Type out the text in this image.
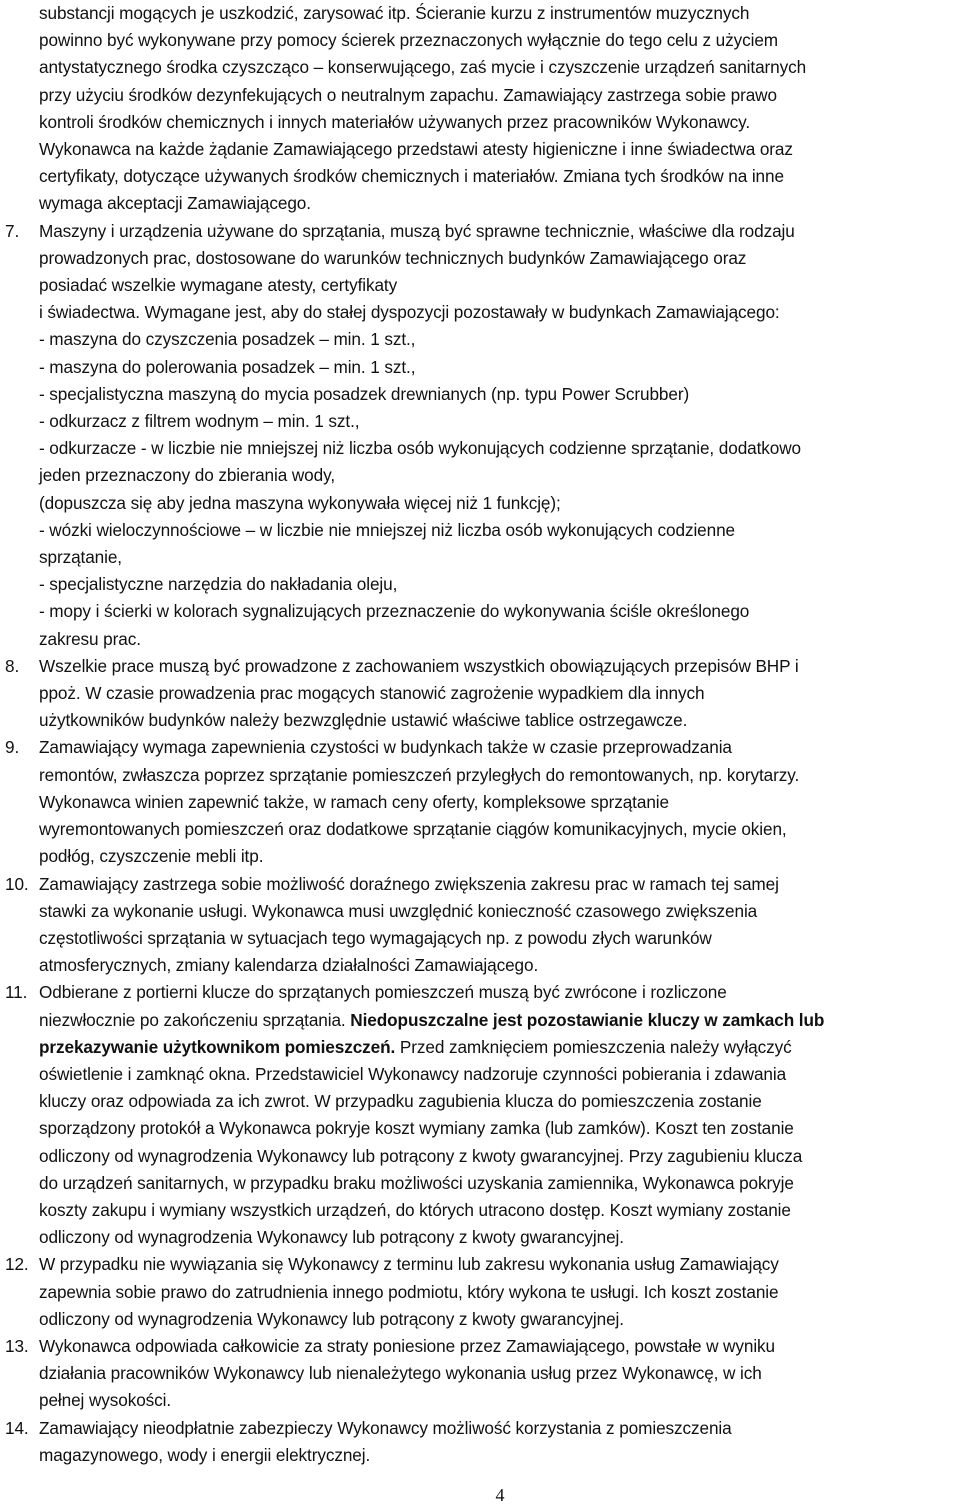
substancji mogących je uszkodzić, zarysować itp. Ścieranie kurzu z instrumentów muzycznych
powinno być wykonywane przy pomocy ścierek przeznaczonych wyłącznie do tego celu z użyciem
antystatycznego środka czyszcząco – konserwującego, zaś mycie i czyszczenie urządzeń sanitarnych
przy użyciu środków dezynfekujących o neutralnym zapachu. Zamawiający zastrzega sobie prawo
kontroli środków chemicznych i innych materiałów używanych przez pracowników Wykonawcy.
Wykonawca na każde żądanie Zamawiającego przedstawi atesty higieniczne i inne świadectwa oraz
certyfikaty, dotyczące używanych środków chemicznych i materiałów. Zmiana tych środków na inne
wymaga akceptacji Zamawiającego.

7.	Maszyny i urządzenia używane do sprzątania, muszą być sprawne technicznie, właściwe dla rodzaju
prowadzonych prac, dostosowane do warunków technicznych budynków Zamawiającego oraz
posiadać wszelkie wymagane atesty, certyfikaty
i świadectwa. Wymagane jest, aby do stałej dyspozycji pozostawały w budynkach Zamawiającego:
- maszyna do czyszczenia posadzek – min. 1 szt.,
- maszyna do polerowania posadzek – min. 1 szt.,
- specjalistyczna maszyną do mycia posadzek drewnianych (np. typu Power Scrubber)
- odkurzacz z filtrem wodnym – min. 1 szt.,
- odkurzacze - w liczbie nie mniejszej niż liczba osób wykonujących codzienne sprzątanie, dodatkowo
jeden przeznaczony do zbierania wody,
(dopuszcza się aby jedna maszyna wykonywała więcej niż 1 funkcję);
- wózki wieloczynnościowe – w liczbie nie mniejszej niż liczba osób wykonujących codzienne
sprzątanie,
- specjalistyczne narzędzia do nakładania oleju,
- mopy i ścierki w kolorach sygnalizujących przeznaczenie do wykonywania ściśle określonego
zakresu prac.
8.	Wszelkie prace muszą być prowadzone z zachowaniem wszystkich obowiązujących przepisów BHP i
ppoż. W czasie prowadzenia prac mogących stanowić zagrożenie wypadkiem dla innych
użytkowników budynków należy bezwzględnie ustawić właściwe tablice ostrzegawcze.
9.	Zamawiający wymaga zapewnienia czystości w budynkach także w czasie przeprowadzania
remontów, zwłaszcza poprzez sprzątanie pomieszczeń przyległych do remontowanych, np. korytarzy.
Wykonawca winien zapewnić także, w ramach ceny oferty, kompleksowe sprzątanie
wyremontowanych pomieszczeń oraz dodatkowe sprzątanie ciągów komunikacyjnych, mycie okien,
podłóg, czyszczenie mebli itp.
10. Zamawiający zastrzega sobie możliwość doraźnego zwiększenia zakresu prac w ramach tej samej
stawki za wykonanie usługi. Wykonawca musi uwzględnić konieczność czasowego zwiększenia
częstotliwości sprzątania w sytuacjach tego wymagających np. z powodu złych warunków
atmosferycznych, zmiany kalendarza działalności Zamawiającego.
11. Odbierane z portierni klucze do sprzątanych pomieszczeń muszą być zwrócone i rozliczone
niezwłocznie po zakończeniu sprzątania. Niedopuszczalne jest pozostawianie kluczy w zamkach lub
przekazywanie użytkownikom pomieszczeń. Przed zamknięciem pomieszczenia należy wyłączyć
oświetlenie i zamknąć okna. Przedstawiciel Wykonawcy nadzoruje czynności pobierania i zdawania
kluczy oraz odpowiada za ich zwrot. W przypadku zagubienia klucza do pomieszczenia zostanie
sporządzony protokół a Wykonawca pokryje koszt wymiany zamka (lub zamków). Koszt ten zostanie
odliczony od wynagrodzenia Wykonawcy lub potrącony z kwoty gwarancyjnej. Przy zagubieniu klucza
do urządzeń sanitarnych, w przypadku braku możliwości uzyskania zamiennika, Wykonawca pokryje
koszty zakupu i wymiany wszystkich urządzeń, do których utracono dostęp. Koszt wymiany zostanie
odliczony od wynagrodzenia Wykonawcy lub potrącony z kwoty gwarancyjnej.
12. W przypadku nie wywiązania się Wykonawcy z terminu lub zakresu wykonania usług Zamawiający
zapewnia sobie prawo do zatrudnienia innego podmiotu, który wykona te usługi. Ich koszt zostanie
odliczony od wynagrodzenia Wykonawcy lub potrącony z kwoty gwarancyjnej.
13. Wykonawca odpowiada całkowicie za straty poniesione przez Zamawiającego, powstałe w wyniku
działania pracowników Wykonawcy lub nienależytego wykonania usług przez Wykonawcę, w ich
pełnej wysokości.
14. Zamawiający nieodpłatnie zabezpieczy Wykonawcy możliwość korzystania z pomieszczenia
magazynowego, wody i energii elektrycznej.
4
